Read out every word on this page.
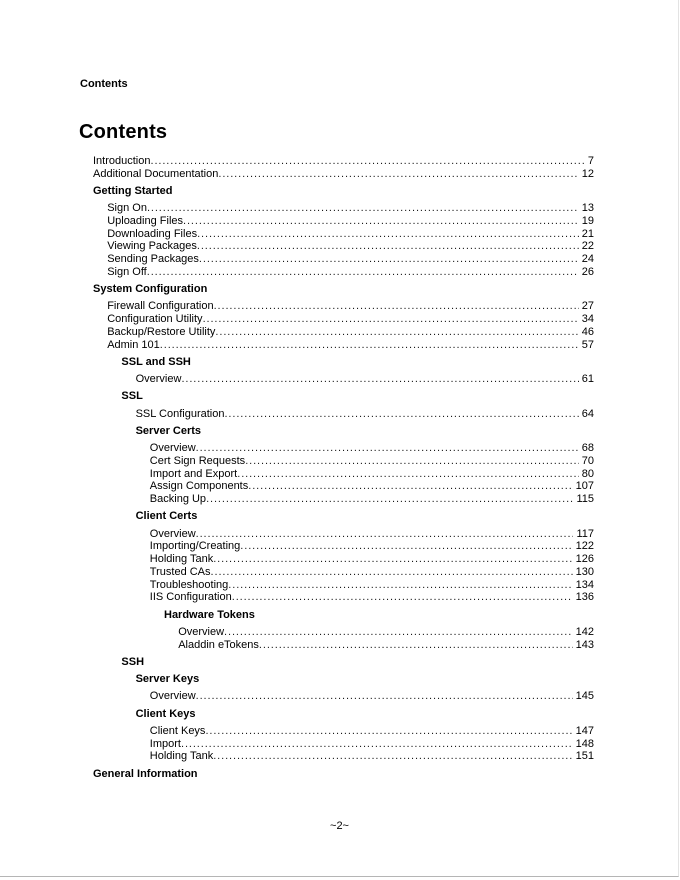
Contents
Contents
Introduction .....	7
Additional Documentation .....	12
Getting Started
Sign On .....	13
Uploading Files .....	19
Downloading Files .....	21
Viewing Packages .....	22
Sending Packages .....	24
Sign Off .....	26
System Configuration
Firewall Configuration .....	27
Configuration Utility .....	34
Backup/Restore Utility .....	46
Admin 101 .....	57
SSL and SSH
Overview .....	61
SSL
SSL Configuration .....	64
Server Certs
Overview .....	68
Cert Sign Requests .....	70
Import and Export .....	80
Assign Components .....	107
Backing Up .....	115
Client Certs
Overview .....	117
Importing/Creating .....	122
Holding Tank .....	126
Trusted CAs .....	130
Troubleshooting .....	134
IIS Configuration .....	136
Hardware Tokens
Overview .....	142
Aladdin eTokens .....	143
SSH
Server Keys
Overview .....	145
Client Keys
Client Keys .....	147
Import .....	148
Holding Tank .....	151
General Information
~2~
